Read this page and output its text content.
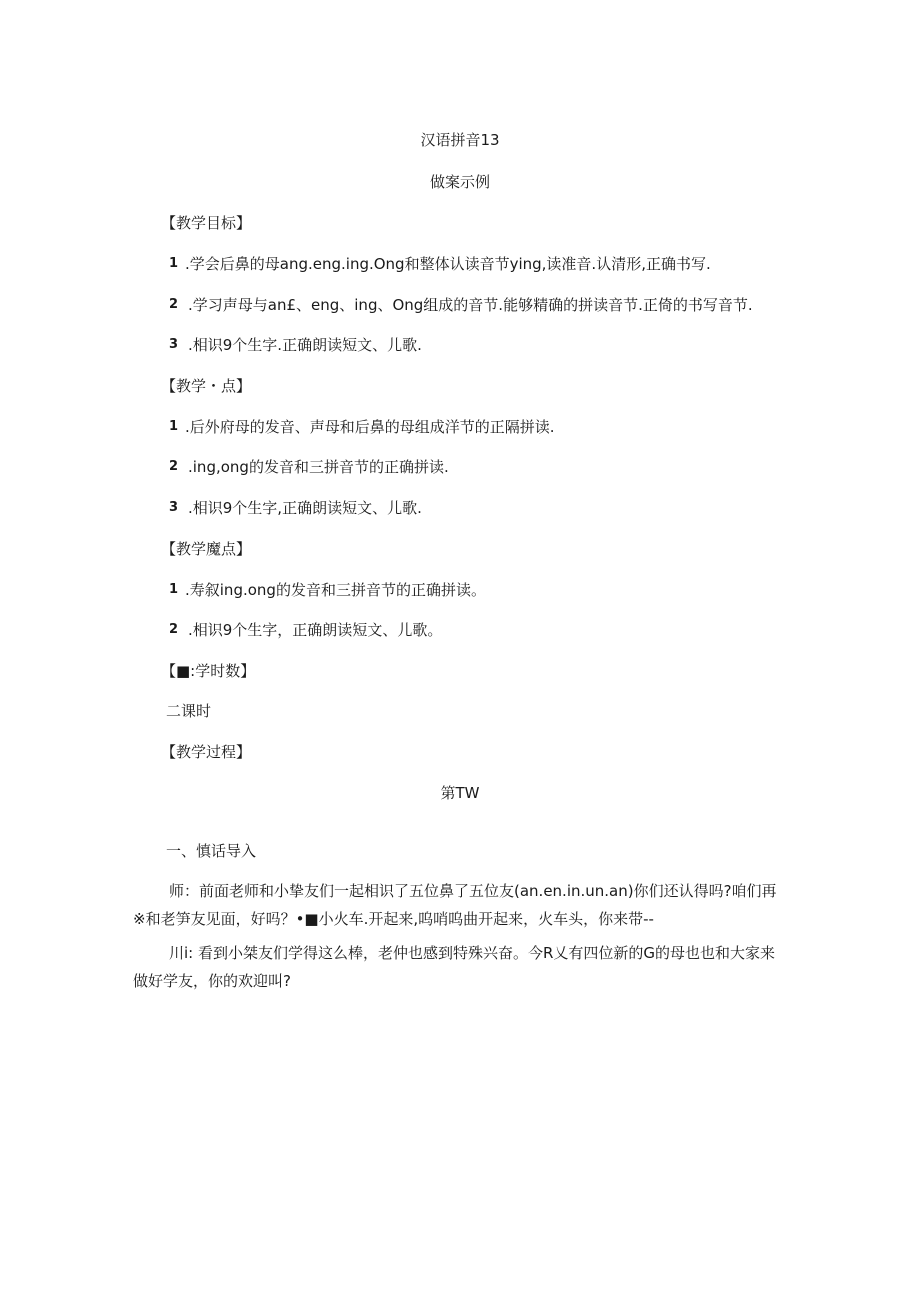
汉语拼音13
做案示例
【教学目标】
1 .学会后鼻的母ang.eng.ing.Ong和整体认读音节ying,读准音.认清形,正确书写.
2 .学习声母与an£、eng、ing、Ong组成的音节.能够精确的拼读音节.正倚的书写音节.
3 .相识9个生字.正确朗读短文、儿歌.
【教学・点】
1 .后外府母的发音、声母和后鼻的母组成洋节的正隔拼读.
2 .ing,ong的发音和三拼音节的正确拼读.
3 .相识9个生字,正确朗读短文、儿歌.
【教学魔点】
1 .寿叙ing.ong的发音和三拼音节的正确拼读。
2 .相识9个生字，正确朗读短文、儿歌。
【■:学时数】
二课时
【教学过程】
第TW
一、慎话导入
师：前面老师和小挚友们一起相识了五位鼻了五位友(an.en.in.un.an)你们还认得吗?咱们再※和老笋友见面，好吗？•■小火车.开起来,呜哨呜曲开起来，火车头，你来带--
川i: 看到小桀友们学得这么棒，老仲也感到特殊兴奋。今R乂有四位新的G的母也也和大家来做好学友，你的欢迎叫?
